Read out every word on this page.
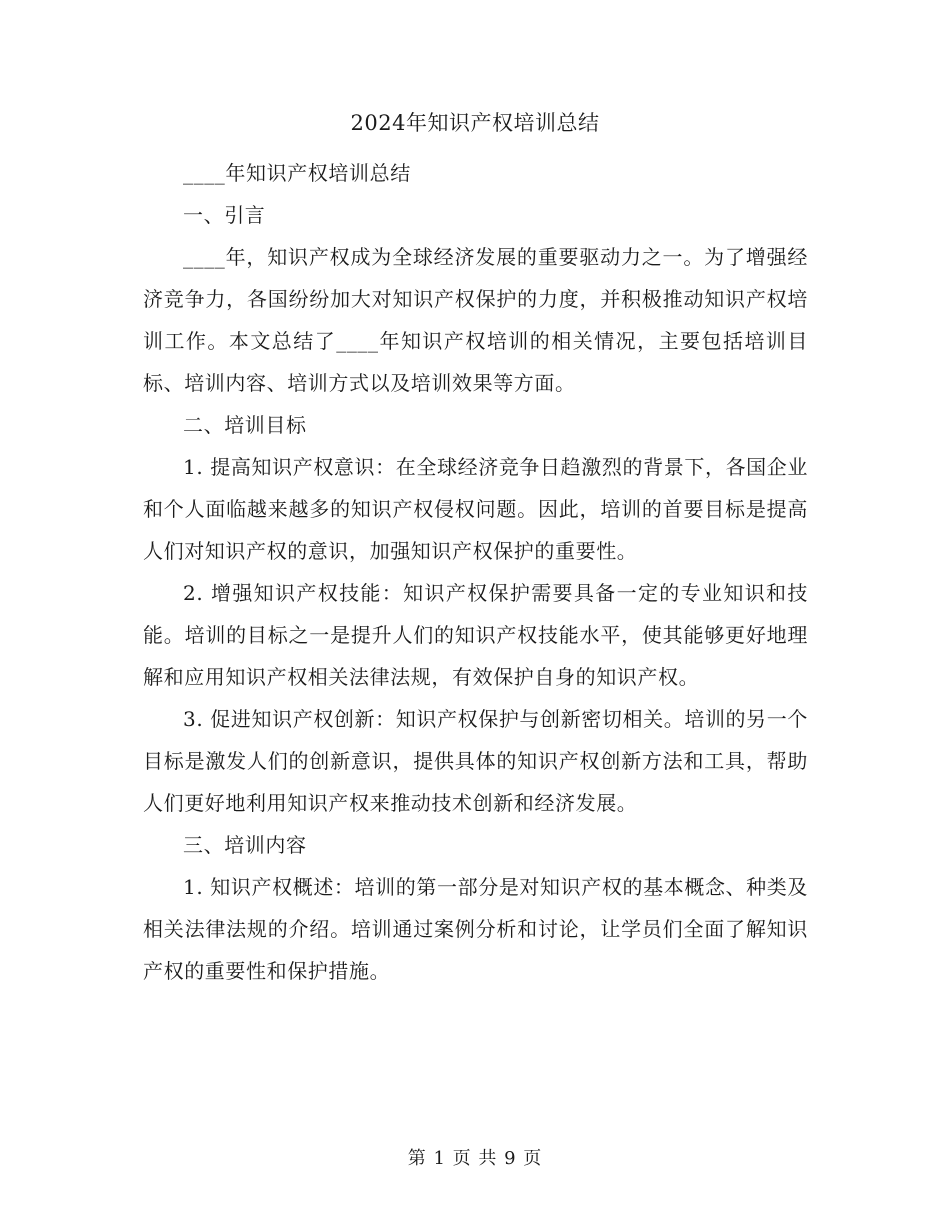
2024年知识产权培训总结

____年知识产权培训总结

一、引言

____年，知识产权成为全球经济发展的重要驱动力之一。为了增强经济竞争力，各国纷纷加大对知识产权保护的力度，并积极推动知识产权培训工作。本文总结了____年知识产权培训的相关情况，主要包括培训目标、培训内容、培训方式以及培训效果等方面。

二、培训目标

1. 提高知识产权意识：在全球经济竞争日趋激烈的背景下，各国企业和个人面临越来越多的知识产权侵权问题。因此，培训的首要目标是提高人们对知识产权的意识，加强知识产权保护的重要性。

2. 增强知识产权技能：知识产权保护需要具备一定的专业知识和技能。培训的目标之一是提升人们的知识产权技能水平，使其能够更好地理解和应用知识产权相关法律法规，有效保护自身的知识产权。

3. 促进知识产权创新：知识产权保护与创新密切相关。培训的另一个目标是激发人们的创新意识，提供具体的知识产权创新方法和工具，帮助人们更好地利用知识产权来推动技术创新和经济发展。

三、培训内容

1. 知识产权概述：培训的第一部分是对知识产权的基本概念、种类及相关法律法规的介绍。培训通过案例分析和讨论，让学员们全面了解知识产权的重要性和保护措施。

第 1 页 共 9 页
